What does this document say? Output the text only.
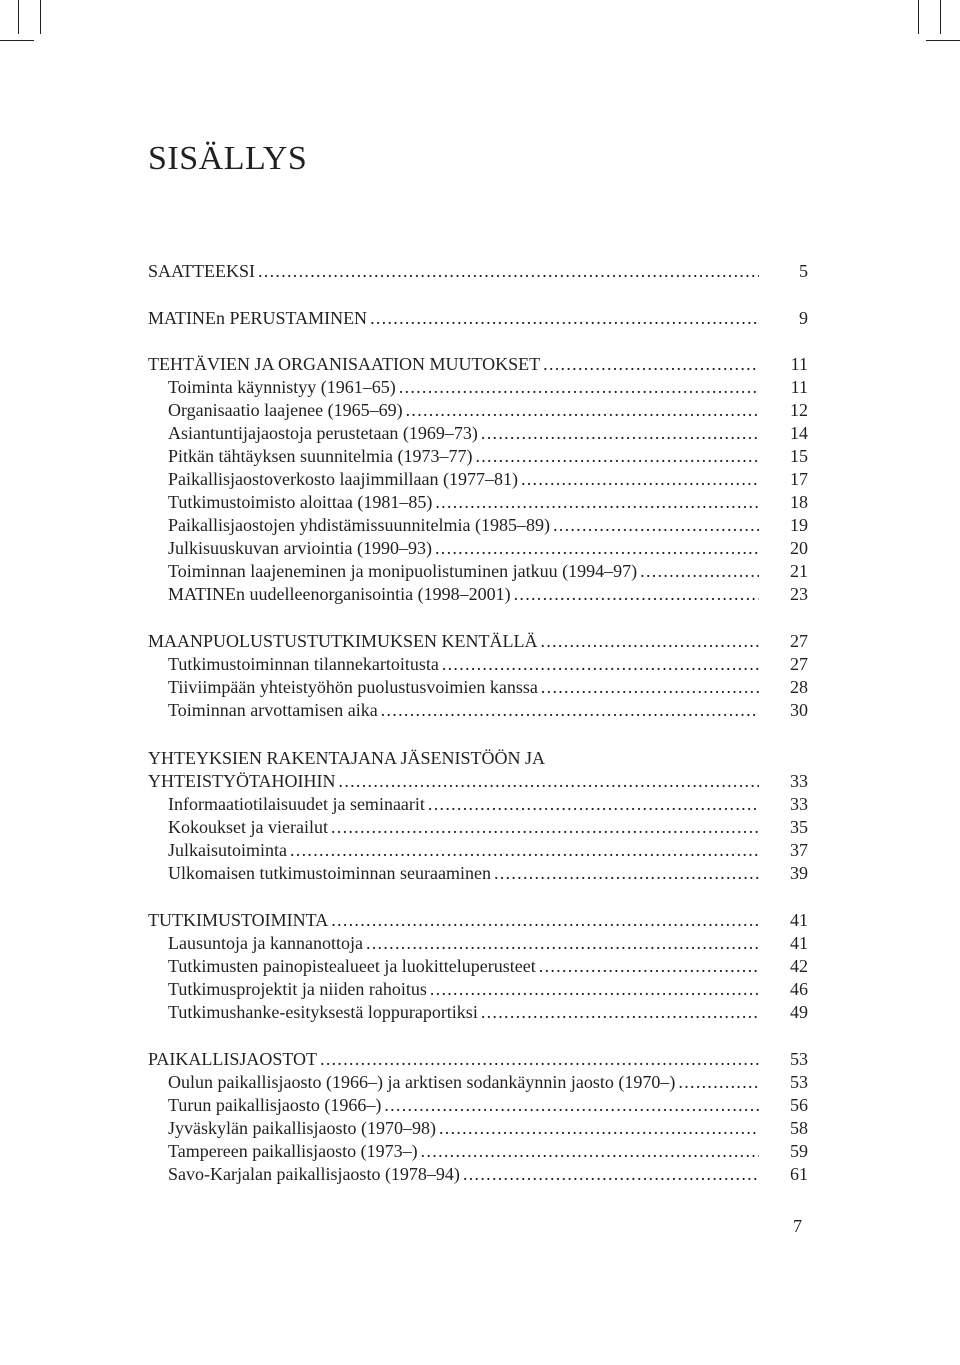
SISÄLLYS
SAATTEEKSI . . .	5
MATINEn PERUSTAMINEN . . .	9
TEHTÄVIEN JA ORGANISAATION MUUTOKSET . . .	11
Toiminta käynnistyy (1961–65) . . .	11
Organisaatio laajenee (1965–69) . . .	12
Asiantuntijajaostoja perustetaan (1969–73) . . .	14
Pitkän tähtäyksen suunnitelmia (1973–77) . . .	15
Paikallisjaostoverkosto laajimmillaan (1977–81) . . .	17
Tutkimustoimisto aloittaa (1981–85) . . .	18
Paikallisjaostojen yhdistämissuunnitelmia (1985–89) . . .	19
Julkisuuskuvan arviointia (1990–93) . . .	20
Toiminnan laajeneminen ja monipuolistuminen jatkuu (1994–97) . . .	21
MATINEn uudelleenorganisointia (1998–2001) . . .	23
MAANPUOLUSTUSTUTKIMUKSEN KENTÄLLÄ . . .	27
Tutkimustoiminnan tilannekartoitusta . . .	27
Tiiviimpään yhteistyöhön puolustusvoimien kanssa . . .	28
Toiminnan arvottamisen aika . . .	30
YHTEYKSIEN RAKENTAJANA JÄSENISTÖÖN JA
YHTEISTYÖTAHOIHIN . . .	33
Informaatiotilaisuudet ja seminaarit . . .	33
Kokoukset ja vierailut . . .	35
Julkaisutoiminta . . .	37
Ulkomaisen tutkimustoiminnan seuraaminen . . .	39
TUTKIMUSTOIMINTA . . .	41
Lausuntoja ja kannanottoja . . .	41
Tutkimusten painopistealueet ja luokitteluperusteet . . .	42
Tutkimusprojektit ja niiden rahoitus . . .	46
Tutkimushanke-esityksestä loppuraportiksi . . .	49
PAIKALLISJAOSTOT . . .	53
Oulun paikallisjaosto (1966–) ja arktisen sodankäynnin jaosto (1970–) . . .	53
Turun paikallisjaosto (1966–) . . .	56
Jyväskylän paikallisjaosto (1970–98) . . .	58
Tampereen paikallisjaosto (1973–) . . .	59
Savo-Karjalan paikallisjaosto (1978–94) . . .	61
7
